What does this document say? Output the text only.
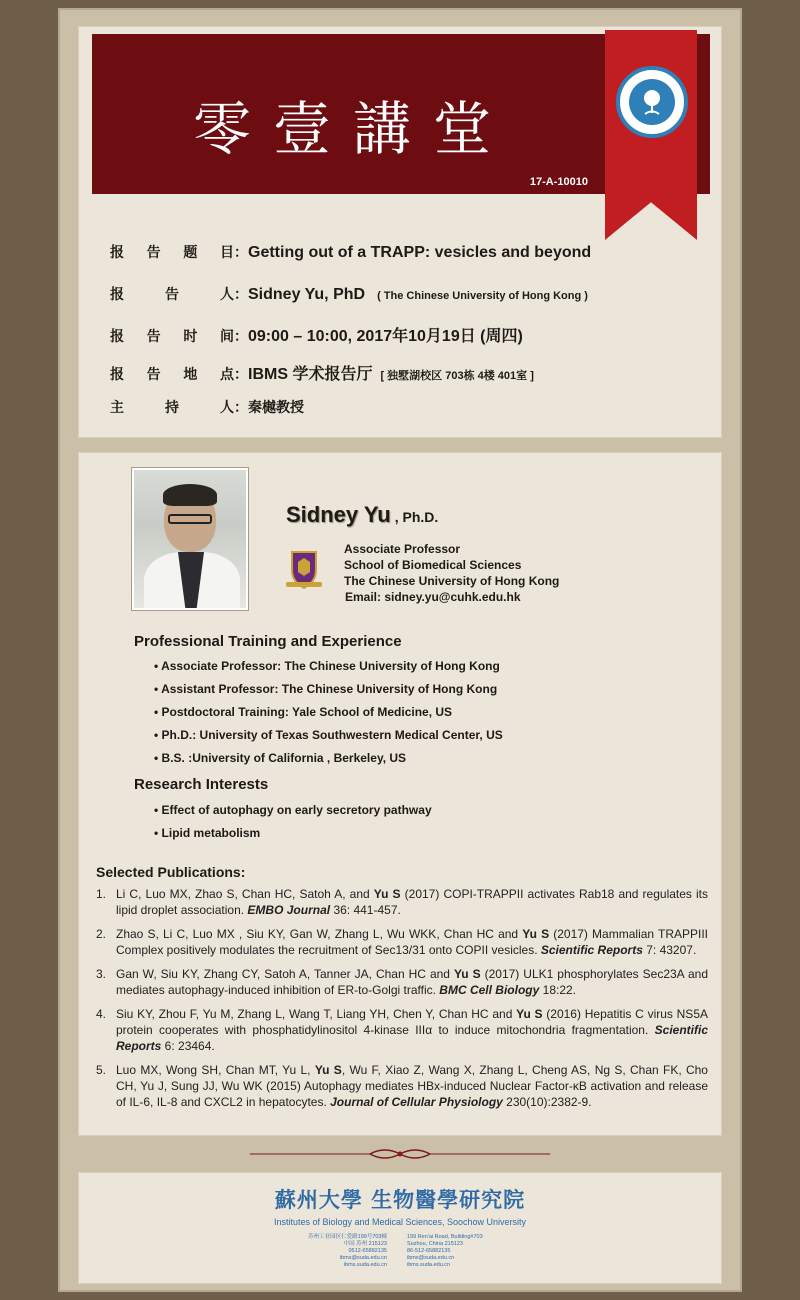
零壹講堂
17-A-10010
报 告 题 目： Getting out of a TRAPP: vesicles and beyond
报	告	人： Sidney Yu, PhD ( The Chinese University of Hong Kong )
报 告 时 间： 09:00 – 10:00, 2017年10月19日 (周四)
报 告 地 点： IBMS 学术报告厅 [ 独墅湖校区 703栋 4楼 401室 ]
主	持	人： 秦樾教授
Sidney Yu , Ph.D.
Associate Professor
School of Biomedical Sciences
The Chinese University of Hong Kong
Email: sidney.yu@cuhk.edu.hk
Professional Training and Experience
• Associate Professor: The Chinese University of Hong Kong
• Assistant Professor: The Chinese University of Hong Kong
• Postdoctoral Training: Yale School of Medicine, US
• Ph.D.: University of Texas Southwestern Medical Center, US
• B.S. :University of California , Berkeley, US
Research Interests
• Effect of autophagy on early secretory pathway
• Lipid metabolism
Selected Publications:
1. Li C, Luo MX, Zhao S, Chan HC, Satoh A, and Yu S (2017) COPI-TRAPPII activates Rab18 and regulates its lipid droplet association. EMBO Journal 36: 441-457.
2. Zhao S, Li C, Luo MX , Siu KY, Gan W, Zhang L, Wu WKK, Chan HC and Yu S (2017) Mammalian TRAPPIII Complex positively modulates the recruitment of Sec13/31 onto COPII vesicles. Scientific Reports 7: 43207.
3. Gan W, Siu KY, Zhang CY, Satoh A, Tanner JA, Chan HC and Yu S (2017) ULK1 phosphorylates Sec23A and mediates autophagy-induced inhibition of ER-to-Golgi traffic. BMC Cell Biology 18:22.
4. Siu KY, Zhou F, Yu M, Zhang L, Wang T, Liang YH, Chen Y, Chan HC and Yu S (2016) Hepatitis C virus NS5A protein cooperates with phosphatidylinositol 4-kinase IIIα to induce mitochondria fragmentation. Scientific Reports 6: 23464.
5. Luo MX, Wong SH, Chan MT, Yu L, Yu S, Wu F, Xiao Z, Wang X, Zhang L, Cheng AS, Ng S, Chan FK, Cho CH, Yu J, Sung JJ, Wu WK (2015) Autophagy mediates HBx-induced Nuclear Factor-κB activation and release of IL-6, IL-8 and CXCL2 in hepatocytes. Journal of Cellular Physiology 230(10):2382-9.
蘇州大學 生物醫學研究院
Institutes of Biology and Medical Sciences, Soochow University
苏州工业园区仁爱路199号703幢
中国 苏州 215123
0512-65882135
ibms@suda.edu.cn
ibms.suda.edu.cn
199 Ren'ai Road, Building#703
Suzhou, China 215123
86-512-65882135
ibms@suda.edu.cn
ibms.suda.edu.cn
